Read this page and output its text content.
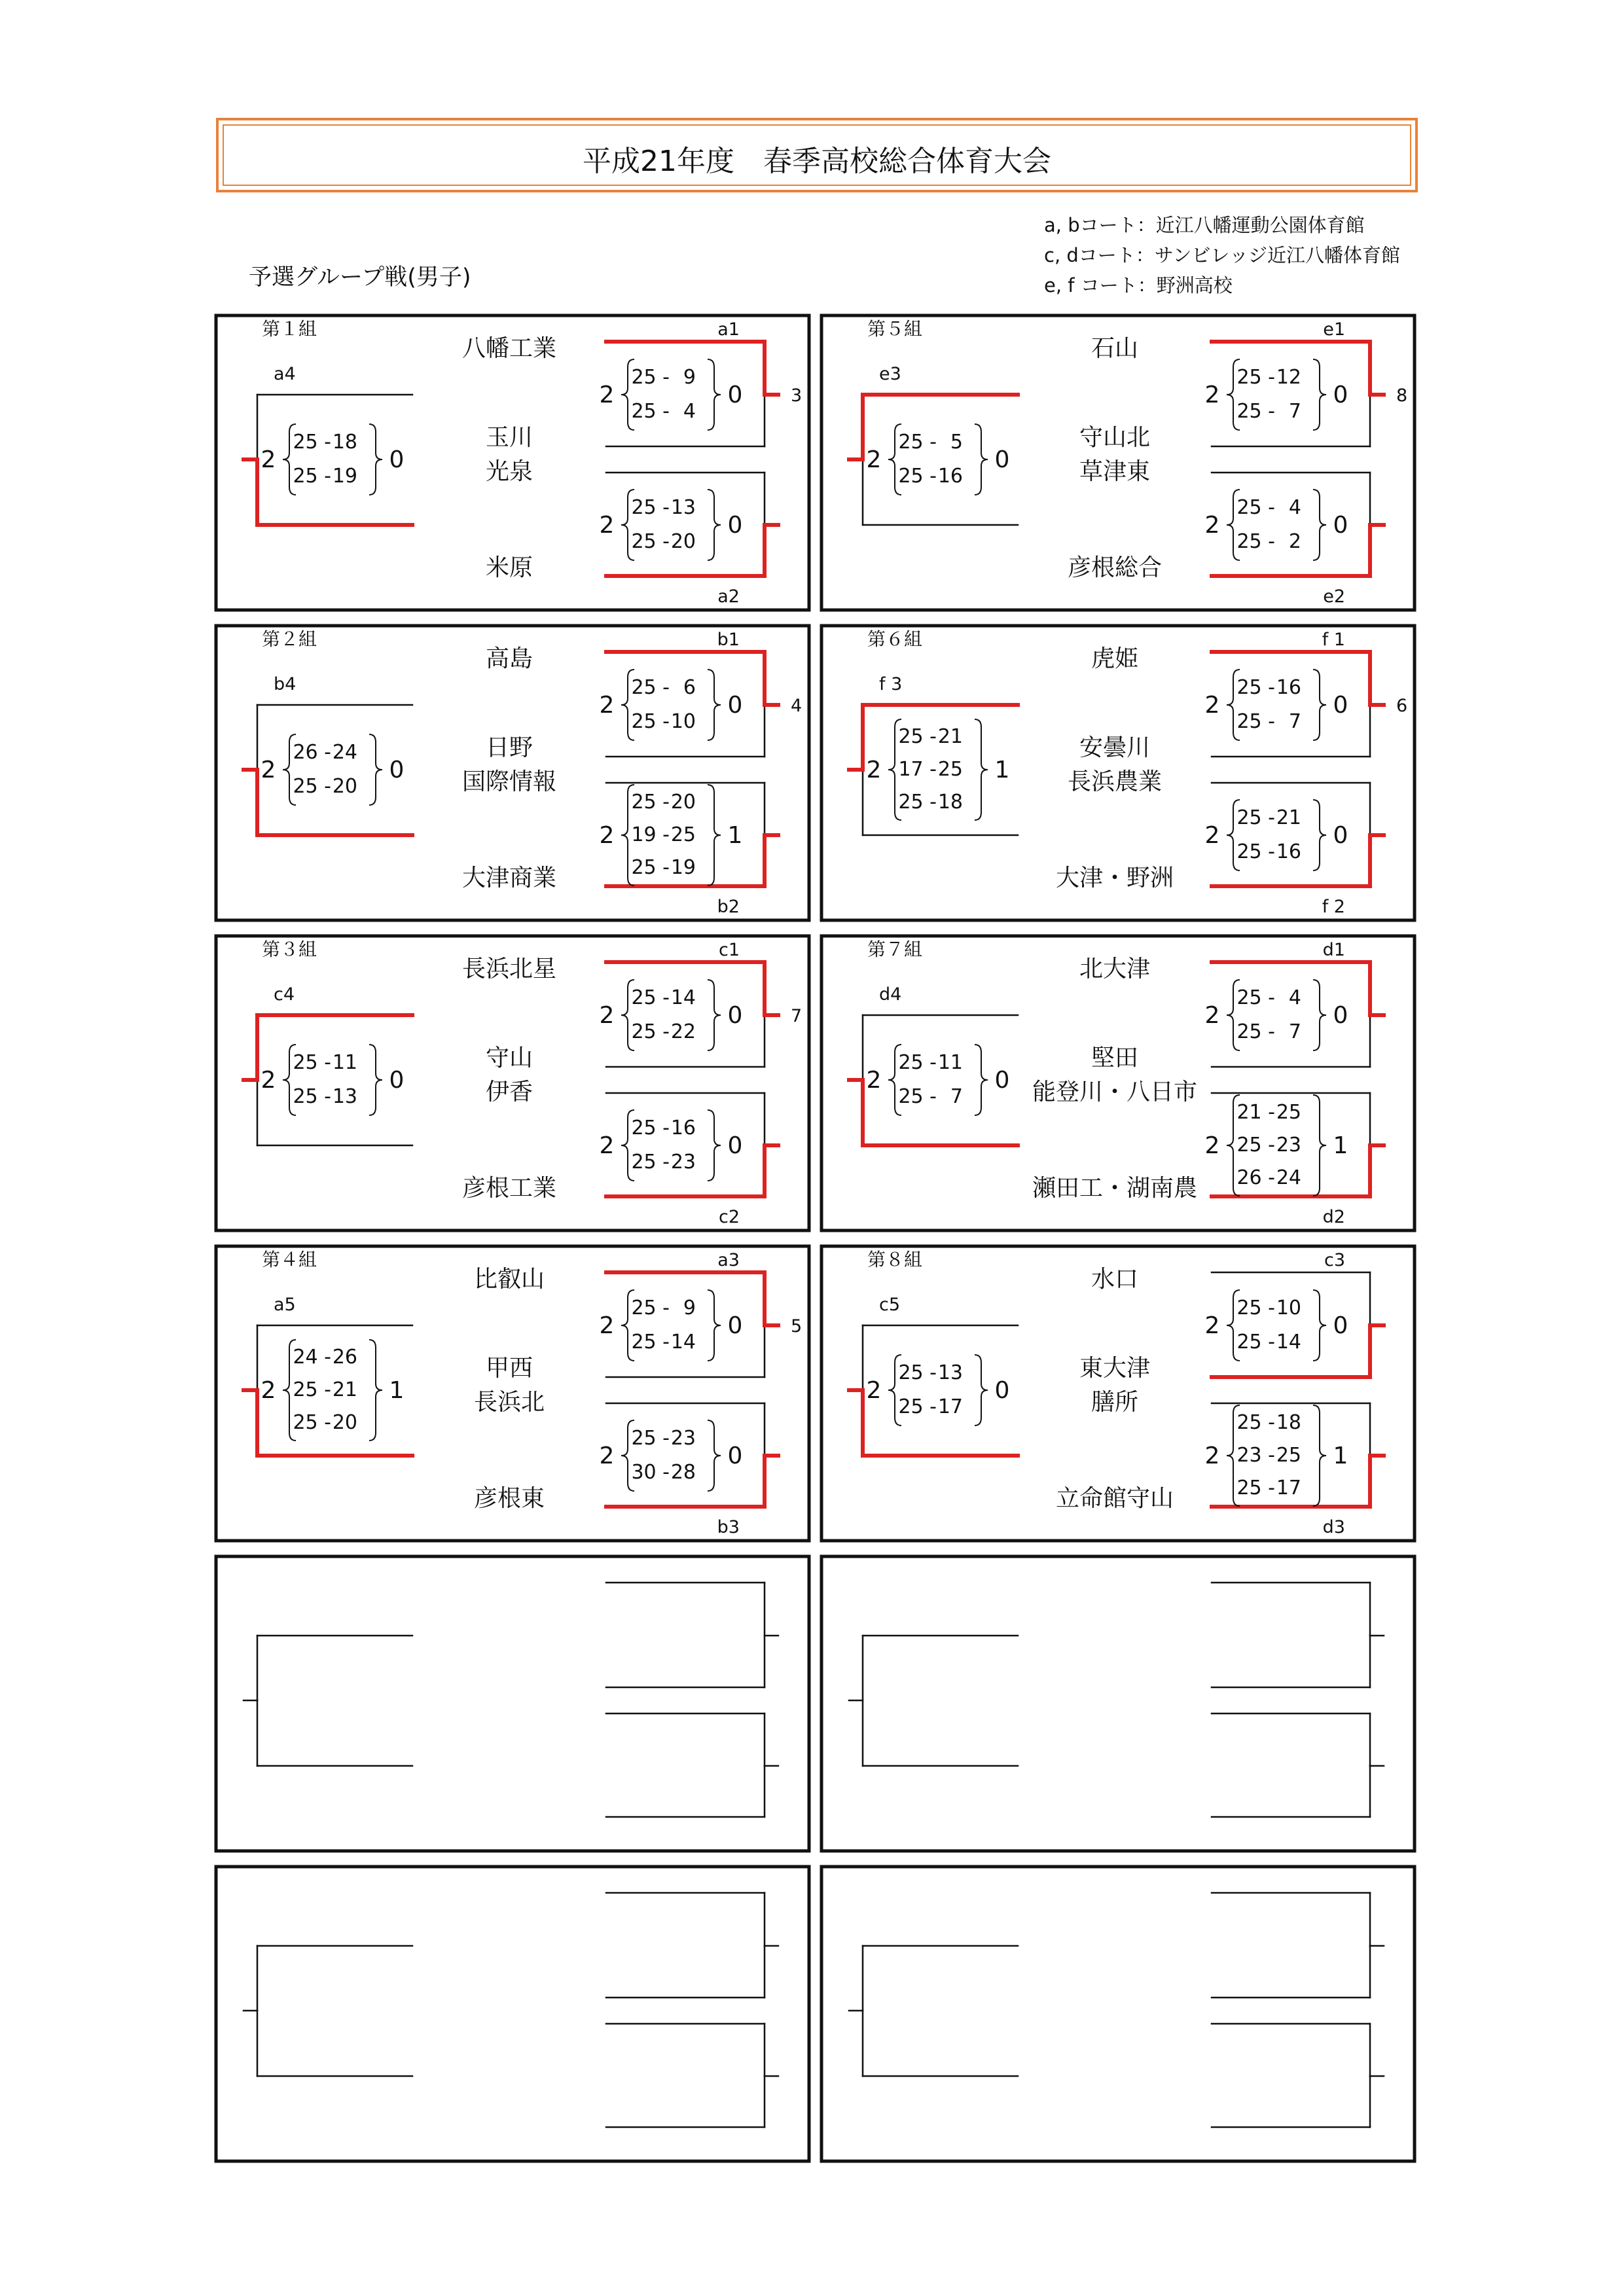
平成21年度　春季高校総合体育大会
a, bコート：近江八幡運動公園体育館
c, dコート：サンビレッジ近江八幡体育館
e, f コート：野洲高校
予選グループ戦(男子)
第１組
a4
a1
a2
3
八幡工業
玉川
光泉
米原
25 - 9
25 - 4
2	0
25 - 13
25 - 20
2	0
25 - 18
25 - 19
2	0
第５組
e3
e1
e2
8
石山
守山北
草津東
彦根総合
25 - 12
25 - 7
2	0
25 - 4
25 - 2
2	0
25 - 5
25 - 16
2	0
第２組
b4
b1
b2
4
高島
日野
国際情報
大津商業
25 - 6
25 - 10
2	0
25 - 20
19 - 25
25 - 19
2	1
26 - 24
25 - 20
2	0
第６組
f 3
f 1
f 2
6
虎姫
安曇川
長浜農業
大津・野洲
25 - 16
25 - 7
2	0
25 - 21
25 - 16
2	0
25 - 21
17 - 25
25 - 18
2	1
第３組
c4
c1
c2
7
長浜北星
守山
伊香
彦根工業
25 - 14
25 - 22
2	0
25 - 16
25 - 23
2	0
25 - 11
25 - 13
2	0
第７組
d4
d1
d2
北大津
堅田
能登川・八日市
瀬田工・湖南農
25 - 4
25 - 7
2	0
21 - 25
25 - 23
26 - 24
2	1
25 - 11
25 - 7
2	0
第４組
a5
a3
b3
5
比叡山
甲西
長浜北
彦根東
25 - 9
25 - 14
2	0
25 - 23
30 - 28
2	0
24 - 26
25 - 21
25 - 20
2	1
第８組
c5
c3
d3
水口
東大津
膳所
立命館守山
25 - 10
25 - 14
2	0
25 - 18
23 - 25
25 - 17
2	1
25 - 13
25 - 17
2	0
